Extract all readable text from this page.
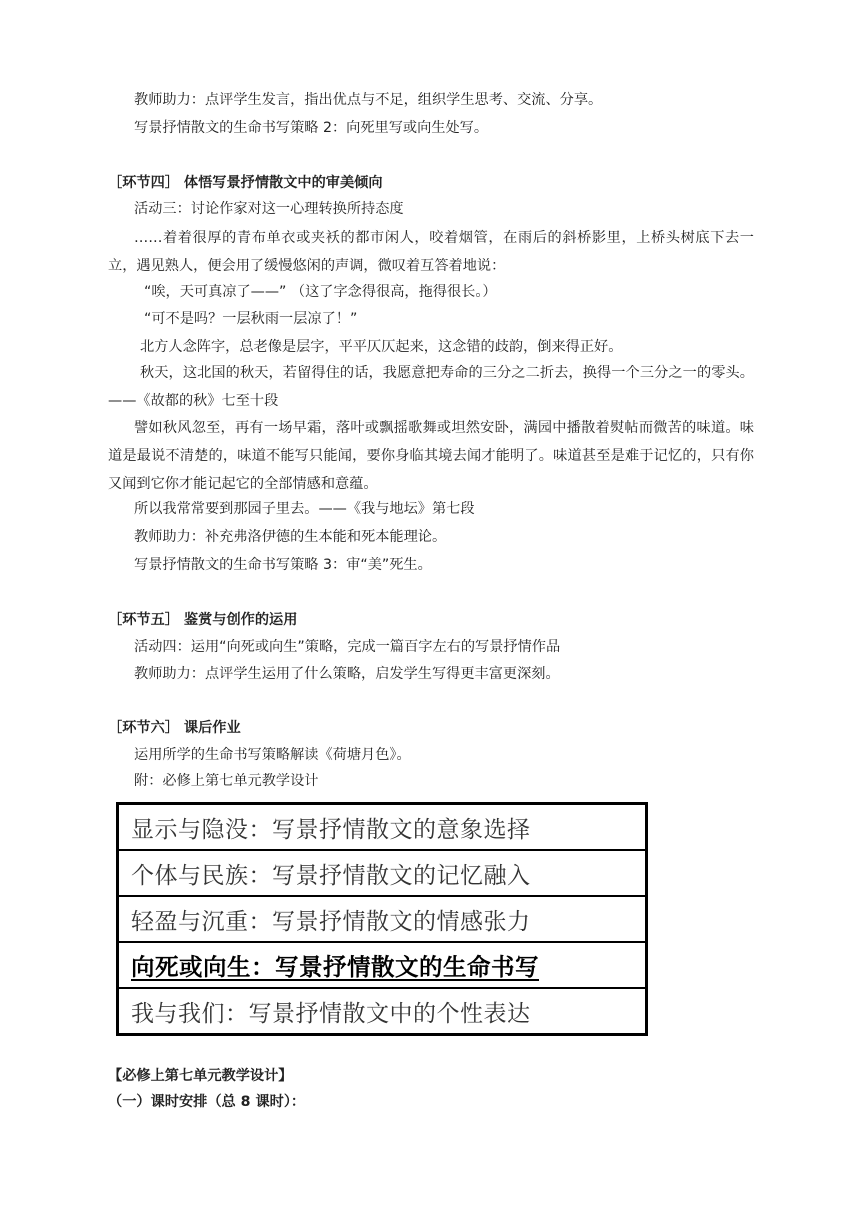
教师助力：点评学生发言，指出优点与不足，组织学生思考、交流、分享。
写景抒情散文的生命书写策略 2：向死里写或向生处写。
［环节四］ 体悟写景抒情散文中的审美倾向
活动三：讨论作家对这一心理转换所持态度
……着着很厚的青布单衣或夹袄的都市闲人，咬着烟管，在雨后的斜桥影里，上桥头树底下去一立，遇见熟人，便会用了缓慢悠闲的声调，微叹着互答着地说：
“唉，天可真凉了——” （这了字念得很高，拖得很长。）
“可不是吗？一层秋雨一层凉了！”
北方人念阵字，总老像是层字，平平仄仄起来，这念错的歧韵，倒来得正好。
秋天，这北国的秋天，若留得住的话，我愿意把寿命的三分之二折去，换得一个三分之一的零头。——《故都的秋》七至十段
譬如秋风忽至，再有一场早霜，落叶或飘摇歌舞或坦然安卧，满园中播散着熨帖而微苦的味道。味道是最说不清楚的，味道不能写只能闻，要你身临其境去闻才能明了。味道甚至是难于记忆的，只有你又闻到它你才能记起它的全部情感和意蕴。
所以我常常要到那园子里去。——《我与地坛》第七段
教师助力：补充弗洛伊德的生本能和死本能理论。
写景抒情散文的生命书写策略 3：审“美”死生。
［环节五］ 鉴赏与创作的运用
活动四：运用“向死或向生”策略，完成一篇百字左右的写景抒情作品
教师助力：点评学生运用了什么策略，启发学生写得更丰富更深刻。
［环节六］ 课后作业
运用所学的生命书写策略解读《荷塘月色》。
附：必修上第七单元教学设计
显示与隐没：写景抒情散文的意象选择
个体与民族：写景抒情散文的记忆融入
轻盈与沉重：写景抒情散文的情感张力
向死或向生：写景抒情散文的生命书写
我与我们：写景抒情散文中的个性表达
【必修上第七单元教学设计】
（一）课时安排（总 8 课时）：
